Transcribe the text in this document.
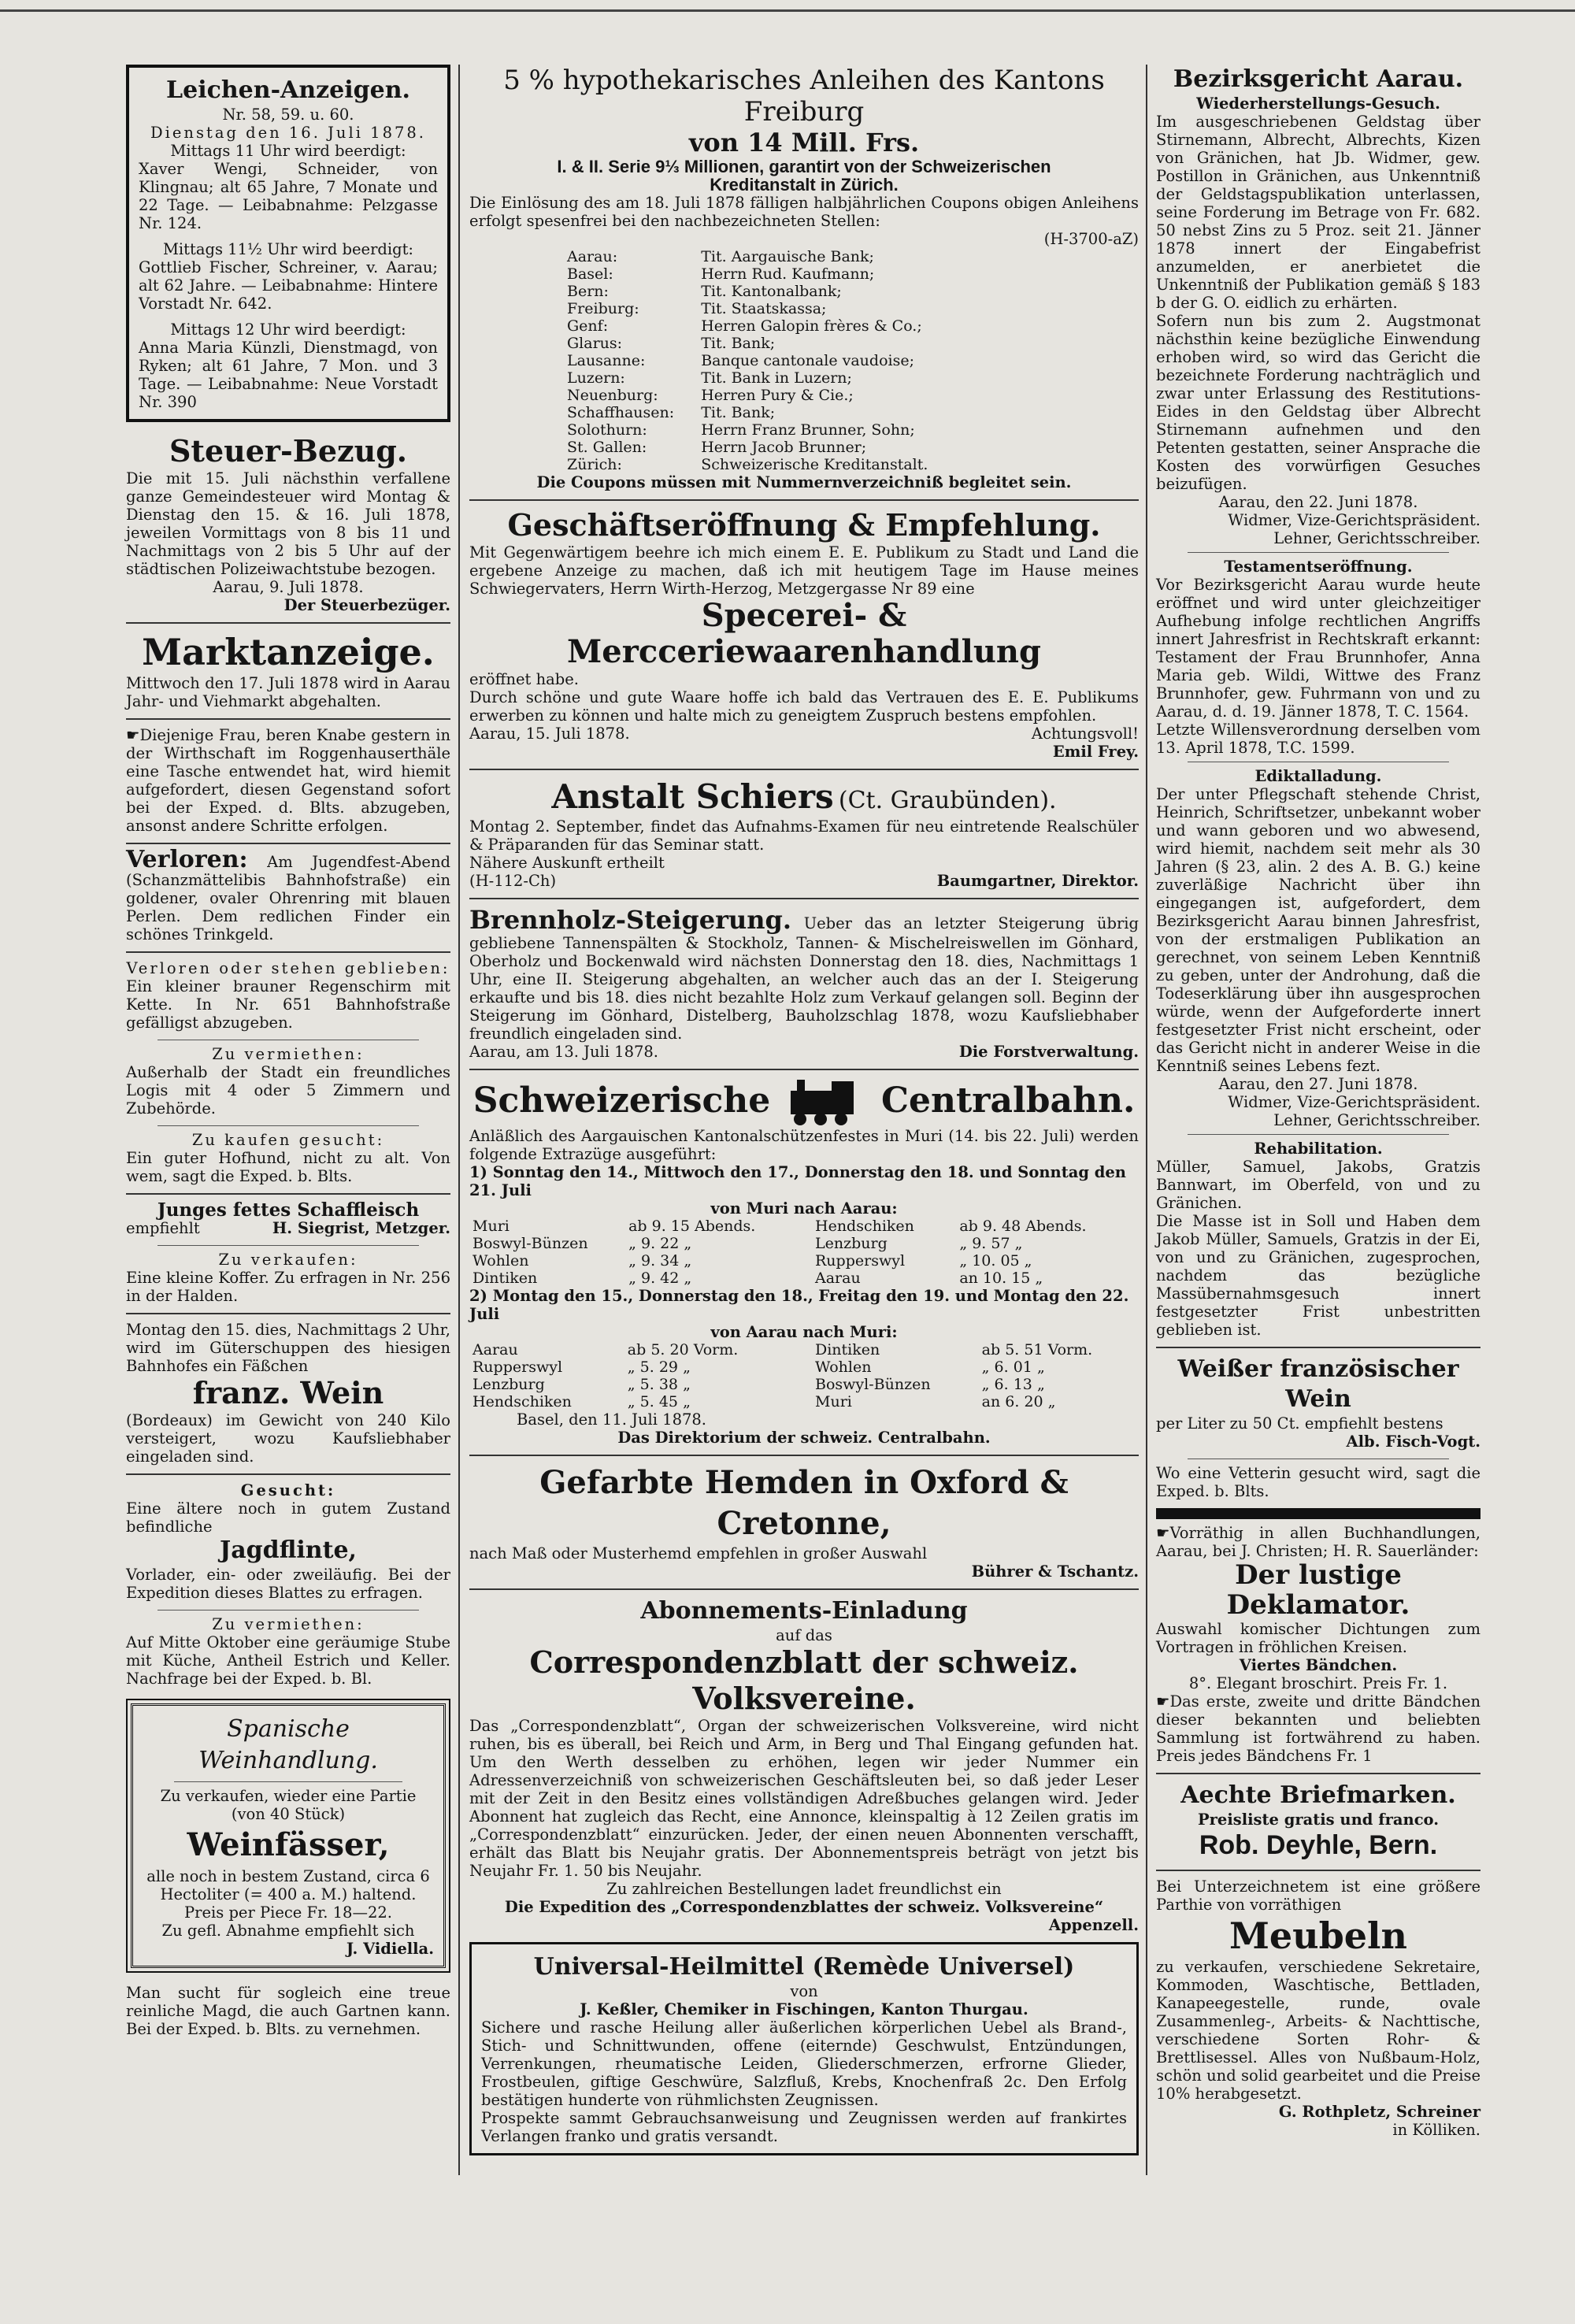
Leichen-Anzeigen.
Nr. 58, 59. u. 60.
Dienstag den 16. Juli 1878.
Mittags 11 Uhr wird beerdigt:
Xaver Wengi, Schneider, von Klingnau; alt 65 Jahre, 7 Monate und 22 Tage. — Leibabnahme: Pelzgasse Nr. 124.
Mittags 11½ Uhr wird beerdigt:
Gottlieb Fischer, Schreiner, v. Aarau; alt 62 Jahre. — Leibabnahme: Hintere Vorstadt Nr. 642.
Mittags 12 Uhr wird beerdigt:
Anna Maria Künzli, Dienstmagd, von Ryken; alt 61 Jahre, 7 Mon. und 3 Tage. — Leibabnahme: Neue Vorstadt Nr. 390
Steuer-Bezug.
Die mit 15. Juli nächsthin verfallene ganze Gemeindesteuer wird Montag & Dienstag den 15. & 16. Juli 1878, jeweilen Vormittags von 8 bis 11 und Nachmittags von 2 bis 5 Uhr auf der städtischen Polizeiwachtstube bezogen.
Aarau, 9. Juli 1878.
Der Steuerbezüger.
Marktanzeige.
Mittwoch den 17. Juli 1878 wird in Aarau Jahr- und Viehmarkt abgehalten.
☛Diejenige Frau, beren Knabe gestern in der Wirthschaft im Roggenhauserthäle eine Tasche entwendet hat, wird hiemit aufgefordert, diesen Gegenstand sofort bei der Exped. d. Blts. abzugeben, ansonst andere Schritte erfolgen.
Verloren: Am Jugendfest-Abend (Schanzmättelibis Bahnhofstraße) ein goldener, ovaler Ohrenring mit blauen Perlen. Dem redlichen Finder ein schönes Trinkgeld.
Verloren oder stehen geblieben:
Ein kleiner brauner Regenschirm mit Kette. In Nr. 651 Bahnhofstraße gefälligst abzugeben.
Zu vermiethen:
Außerhalb der Stadt ein freundliches Logis mit 4 oder 5 Zimmern und Zubehörde.
Zu kaufen gesucht:
Ein guter Hofhund, nicht zu alt. Von wem, sagt die Exped. b. Blts.
Junges fettes Schaffleisch
empfiehlt	H. Siegrist, Metzger.
Zu verkaufen:
Eine kleine Koffer. Zu erfragen in Nr. 256 in der Halden.
Montag den 15. dies, Nachmittags 2 Uhr, wird im Güterschuppen des hiesigen Bahnhofes ein Fäßchen
franz. Wein
(Bordeaux) im Gewicht von 240 Kilo versteigert, wozu Kaufsliebhaber eingeladen sind.
Gesucht:
Eine ältere noch in gutem Zustand befindliche
Jagdflinte,
Vorlader, ein- oder zweiläufig. Bei der Expedition dieses Blattes zu erfragen.
Zu vermiethen:
Auf Mitte Oktober eine geräumige Stube mit Küche, Antheil Estrich und Keller. Nachfrage bei der Exped. b. Bl.
Spanische Weinhandlung.
Zu verkaufen, wieder eine Partie (von 40 Stück)
Weinfässer,
alle noch in bestem Zustand, circa 6 Hectoliter (= 400 a. M.) haltend. Preis per Piece Fr. 18—22.
Zu gefl. Abnahme empfiehlt sich
J. Vidiella.
Man sucht für sogleich eine treue reinliche Magd, die auch Gartnen kann. Bei der Exped. b. Blts. zu vernehmen.
5 % hypothekarisches Anleihen des Kantons Freiburg
von 14 Mill. Frs.
I. & II. Serie 9⅓ Millionen, garantirt von der Schweizerischen
Kreditanstalt in Zürich.
Die Einlösung des am 18. Juli 1878 fälligen halbjährlichen Coupons obigen Anleihens erfolgt spesenfrei bei den nachbezeichneten Stellen:
(H-3700-aZ)
Aarau:	Tit. Aargauische Bank;
Basel:	Herrn Rud. Kaufmann;
Bern:	Tit. Kantonalbank;
Freiburg:	Tit. Staatskassa;
Genf:	Herren Galopin frères & Co.;
Glarus:	Tit. Bank;
Lausanne:	Banque cantonale vaudoise;
Luzern:	Tit. Bank in Luzern;
Neuenburg:	Herren Pury & Cie.;
Schaffhausen:	Tit. Bank;
Solothurn:	Herrn Franz Brunner, Sohn;
St. Gallen:	Herrn Jacob Brunner;
Zürich:	Schweizerische Kreditanstalt.
Die Coupons müssen mit Nummernverzeichniß begleitet sein.
Geschäftseröffnung & Empfehlung.
Mit Gegenwärtigem beehre ich mich einem E. E. Publikum zu Stadt und Land die ergebene Anzeige zu machen, daß ich mit heutigem Tage im Hause meines Schwiegervaters, Herrn Wirth-Herzog, Metzgergasse Nr 89 eine
Specerei- & Mercceriewaarenhandlung
eröffnet habe.
Durch schöne und gute Waare hoffe ich bald das Vertrauen des E. E. Publikums erwerben zu können und halte mich zu geneigtem Zuspruch bestens empfohlen.
Aarau, 15. Juli 1878.	Achtungsvoll!
Emil Frey.
Anstalt Schiers (Ct. Graubünden).
Montag 2. September, findet das Aufnahms-Examen für neu eintretende Realschüler & Präparanden für das Seminar statt.
Nähere Auskunft ertheilt
(H-112-Ch)	Baumgartner, Direktor.
Brennholz-Steigerung. Ueber das an letzter Steigerung übrig gebliebene Tannenspälten & Stockholz, Tannen- & Mischelreiswellen im Gönhard, Oberholz und Bockenwald wird nächsten Donnerstag den 18. dies, Nachmittags 1 Uhr, eine II. Steigerung abgehalten, an welcher auch das an der I. Steigerung erkaufte und bis 18. dies nicht bezahlte Holz zum Verkauf gelangen soll. Beginn der Steigerung im Gönhard, Distelberg, Bauholzschlag 1878, wozu Kaufsliebhaber freundlich eingeladen sind.
Aarau, am 13. Juli 1878.	Die Forstverwaltung.
Schweizerische	Centralbahn.
Anläßlich des Aargauischen Kantonalschützenfestes in Muri (14. bis 22. Juli) werden folgende Extrazüge ausgeführt:
1) Sonntag den 14., Mittwoch den 17., Donnerstag den 18. und Sonntag den 21. Juli
von Muri nach Aarau:
Muri	ab 9. 15 Abends.
Boswyl-Bünzen	„ 9. 22 „
Wohlen	„ 9. 34 „
Dintiken	„ 9. 42 „
Hendschiken	ab 9. 48 Abends.
Lenzburg	„ 9. 57 „
Rupperswyl	„ 10. 05 „
Aarau	an 10. 15 „
2) Montag den 15., Donnerstag den 18., Freitag den 19. und Montag den 22. Juli
von Aarau nach Muri:
Aarau	ab 5. 20 Vorm.
Rupperswyl	„ 5. 29 „
Lenzburg	„ 5. 38 „
Hendschiken	„ 5. 45 „
Dintiken	ab 5. 51 Vorm.
Wohlen	„ 6. 01 „
Boswyl-Bünzen	„ 6. 13 „
Muri	an 6. 20 „
Basel, den 11. Juli 1878.
Das Direktorium der schweiz. Centralbahn.
Gefarbte Hemden in Oxford & Cretonne,
nach Maß oder Musterhemd empfehlen in großer Auswahl
Bührer & Tschantz.
Abonnements-Einladung
auf das
Correspondenzblatt der schweiz. Volksvereine.
Das „Correspondenzblatt“, Organ der schweizerischen Volksvereine, wird nicht ruhen, bis es überall, bei Reich und Arm, in Berg und Thal Eingang gefunden hat. Um den Werth desselben zu erhöhen, legen wir jeder Nummer ein Adressenverzeichniß von schweizerischen Geschäftsleuten bei, so daß jeder Leser mit der Zeit in den Besitz eines vollständigen Adreßbuches gelangen wird. Jeder Abonnent hat zugleich das Recht, eine Annonce, kleinspaltig à 12 Zeilen gratis im „Correspondenzblatt“ einzurücken. Jeder, der einen neuen Abonnenten verschafft, erhält das Blatt bis Neujahr gratis. Der Abonnementspreis beträgt von jetzt bis Neujahr Fr. 1. 50 bis Neujahr.
Zu zahlreichen Bestellungen ladet freundlichst ein
Die Expedition des „Correspondenzblattes der schweiz. Volksvereine“
Appenzell.
Universal-Heilmittel (Remède Universel)
von
J. Keßler, Chemiker in Fischingen, Kanton Thurgau.
Sichere und rasche Heilung aller äußerlichen körperlichen Uebel als Brand-, Stich- und Schnittwunden, offene (eiternde) Geschwulst, Entzündungen, Verrenkungen, rheumatische Leiden, Gliederschmerzen, erfrorne Glieder, Frostbeulen, giftige Geschwüre, Salzfluß, Krebs, Knochenfraß 2c. Den Erfolg bestätigen hunderte von rühmlichsten Zeugnissen.
Prospekte sammt Gebrauchsanweisung und Zeugnissen werden auf frankirtes Verlangen franko und gratis versandt.
Bezirksgericht Aarau.
Wiederherstellungs-Gesuch.
Im ausgeschriebenen Geldstag über Stirnemann, Albrecht, Albrechts, Kizen von Gränichen, hat Jb. Widmer, gew. Postillon in Gränichen, aus Unkenntniß der Geldstagspublikation unterlassen, seine Forderung im Betrage von Fr. 682. 50 nebst Zins zu 5 Proz. seit 21. Jänner 1878 innert der Eingabefrist anzumelden, er anerbietet die Unkenntniß der Publikation gemäß § 183 b der G. O. eidlich zu erhärten.
Sofern nun bis zum 2. Augstmonat nächsthin keine bezügliche Einwendung erhoben wird, so wird das Gericht die bezeichnete Forderung nachträglich und zwar unter Erlassung des Restitutions-Eides in den Geldstag über Albrecht Stirnemann aufnehmen und den Petenten gestatten, seiner Ansprache die Kosten des vorwürfigen Gesuches beizufügen.
Aarau, den 22. Juni 1878.
Widmer, Vize-Gerichtspräsident.
Lehner, Gerichtsschreiber.
Testamentseröffnung.
Vor Bezirksgericht Aarau wurde heute eröffnet und wird unter gleichzeitiger Aufhebung infolge rechtlichen Angriffs innert Jahresfrist in Rechtskraft erkannt: Testament der Frau Brunnhofer, Anna Maria geb. Wildi, Wittwe des Franz Brunnhofer, gew. Fuhrmann von und zu Aarau, d. d. 19. Jänner 1878, T. C. 1564.
Letzte Willensverordnung derselben vom 13. April 1878, T.C. 1599.
Ediktalladung.
Der unter Pflegschaft stehende Christ, Heinrich, Schriftsetzer, unbekannt wober und wann geboren und wo abwesend, wird hiemit, nachdem seit mehr als 30 Jahren (§ 23, alin. 2 des A. B. G.) keine zuverläßige Nachricht über ihn eingegangen ist, aufgefordert, dem Bezirksgericht Aarau binnen Jahresfrist, von der erstmaligen Publikation an gerechnet, von seinem Leben Kenntniß zu geben, unter der Androhung, daß die Todeserklärung über ihn ausgesprochen würde, wenn der Aufgeforderte innert festgesetzter Frist nicht erscheint, oder das Gericht nicht in anderer Weise in die Kenntniß seines Lebens fezt.
Aarau, den 27. Juni 1878.
Widmer, Vize-Gerichtspräsident.
Lehner, Gerichtsschreiber.
Rehabilitation.
Müller, Samuel, Jakobs, Gratzis Bannwart, im Oberfeld, von und zu Gränichen.
Die Masse ist in Soll und Haben dem Jakob Müller, Samuels, Gratzis in der Ei, von und zu Gränichen, zugesprochen, nachdem das bezügliche Massübernahmsgesuch innert festgesetzter Frist unbestritten geblieben ist.
Weißer französischer Wein
per Liter zu 50 Ct. empfiehlt bestens
Alb. Fisch-Vogt.
Wo eine Vetterin gesucht wird, sagt die Exped. b. Blts.
☛Vorräthig in allen Buchhandlungen, Aarau, bei J. Christen; H. R. Sauerländer:
Der lustige Deklamator.
Auswahl komischer Dichtungen zum Vortragen in fröhlichen Kreisen.
Viertes Bändchen.
8°. Elegant broschirt. Preis Fr. 1.
☛Das erste, zweite und dritte Bändchen dieser bekannten und beliebten Sammlung ist fortwährend zu haben. Preis jedes Bändchens Fr. 1
Aechte Briefmarken.
Preisliste gratis und franco.
Rob. Deyhle, Bern.
Bei Unterzeichnetem ist eine größere Parthie von vorräthigen
Meubeln
zu verkaufen, verschiedene Sekretaire, Kommoden, Waschtische, Bettladen, Kanapeegestelle, runde, ovale Zusammenleg-, Arbeits- & Nachttische, verschiedene Sorten Rohr- & Brettlisessel. Alles von Nußbaum-Holz, schön und solid gearbeitet und die Preise 10% herabgesetzt.
G. Rothpletz, Schreiner
in Kölliken.
